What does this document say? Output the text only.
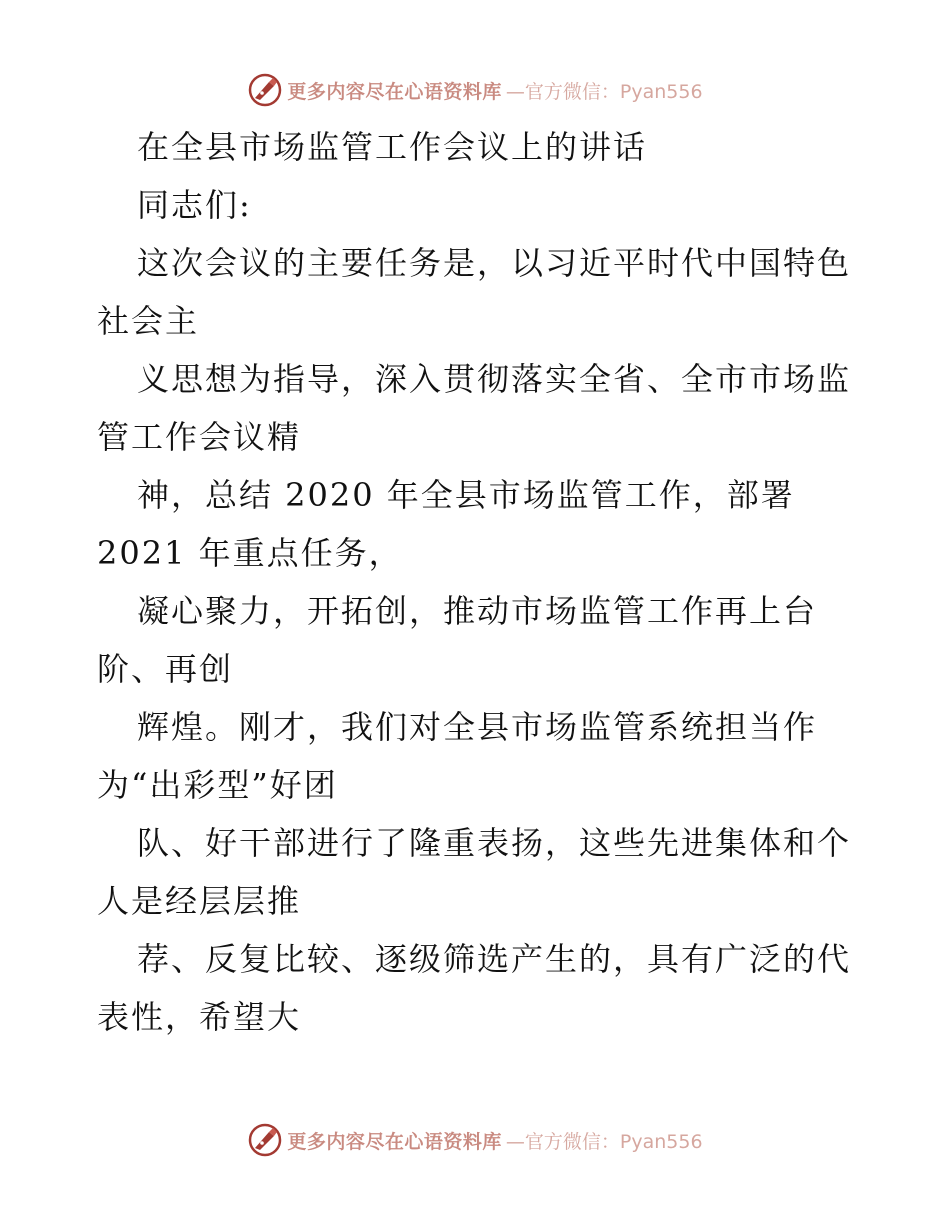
更多内容尽在心语资料库 —官方微信：Pyan556
在全县市场监管工作会议上的讲话
同志们:
这次会议的主要任务是，以习近平时代中国特色
社会主
义思想为指导，深入贯彻落实全省、全市市场监
管工作会议精
神，总结 2020 年全县市场监管工作，部署
2021 年重点任务，
凝心聚力，开拓创，推动市场监管工作再上台
阶、再创
辉煌。刚才，我们对全县市场监管系统担当作
为“出彩型”好团
队、好干部进行了隆重表扬，这些先进集体和个
人是经层层推
荐、反复比较、逐级筛选产生的，具有广泛的代
表性，希望大
更多内容尽在心语资料库 —官方微信：Pyan556
